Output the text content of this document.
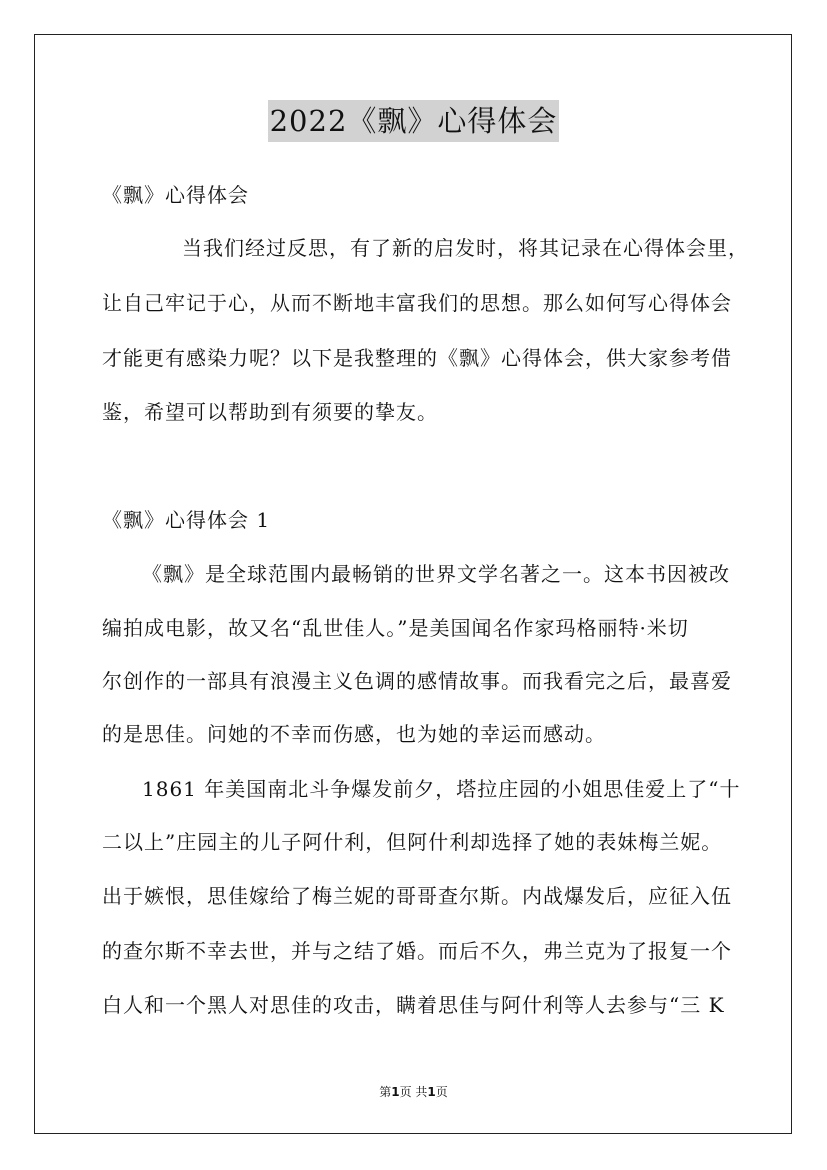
2022《飘》心得体会
《飘》心得体会
当我们经过反思，有了新的启发时，将其记录在心得体会里，
让自己牢记于心，从而不断地丰富我们的思想。那么如何写心得体会
才能更有感染力呢？以下是我整理的《飘》心得体会，供大家参考借
鉴，希望可以帮助到有须要的挚友。
《飘》心得体会 1
《飘》是全球范围内最畅销的世界文学名著之一。这本书因被改
编拍成电影，故又名“乱世佳人。”是美国闻名作家玛格丽特·米切
尔创作的一部具有浪漫主义色调的感情故事。而我看完之后，最喜爱
的是思佳。问她的不幸而伤感，也为她的幸运而感动。
1861 年美国南北斗争爆发前夕，塔拉庄园的小姐思佳爱上了“十
二以上”庄园主的儿子阿什利，但阿什利却选择了她的表妹梅兰妮。
出于嫉恨，思佳嫁给了梅兰妮的哥哥查尔斯。内战爆发后，应征入伍
的查尔斯不幸去世，并与之结了婚。而后不久，弗兰克为了报复一个
白人和一个黑人对思佳的攻击，瞒着思佳与阿什利等人去参与“三 K
第1页 共1页
